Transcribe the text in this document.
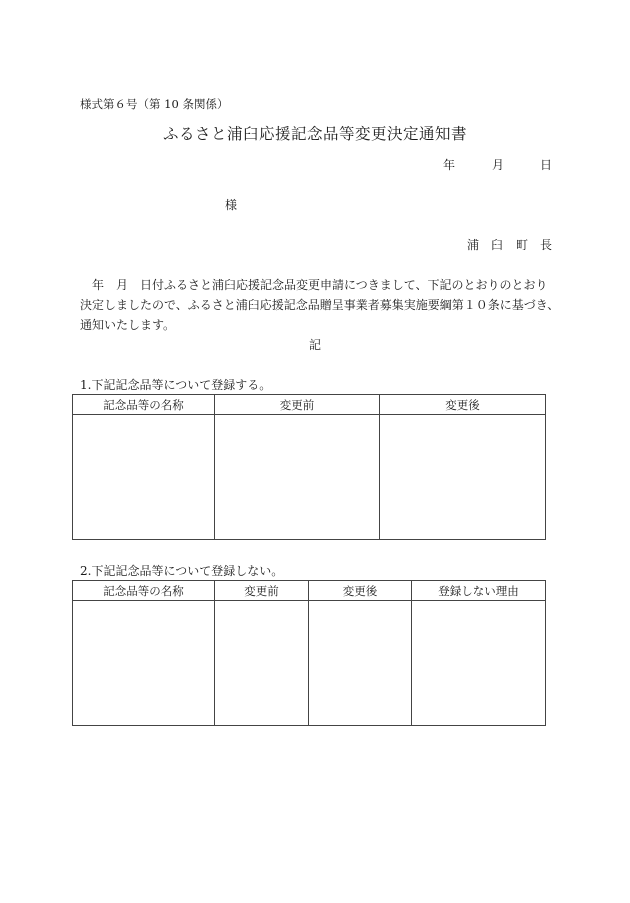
様式第６号（第 10 条関係）
ふるさと浦臼応援記念品等変更決定通知書
年	月	日
様
浦 臼 町 長
　年　月　日付ふるさと浦臼応援記念品変更申請につきまして、下記のとおりのとおり
決定しましたので、ふるさと浦臼応援記念品贈呈事業者募集実施要綱第１０条に基づき、
通知いたします。
記
1.下記記念品等について登録する。
記念品等の名称	変更前	変更後

2.下記記念品等について登録しない。
記念品等の名称	変更前	変更後	登録しない理由
